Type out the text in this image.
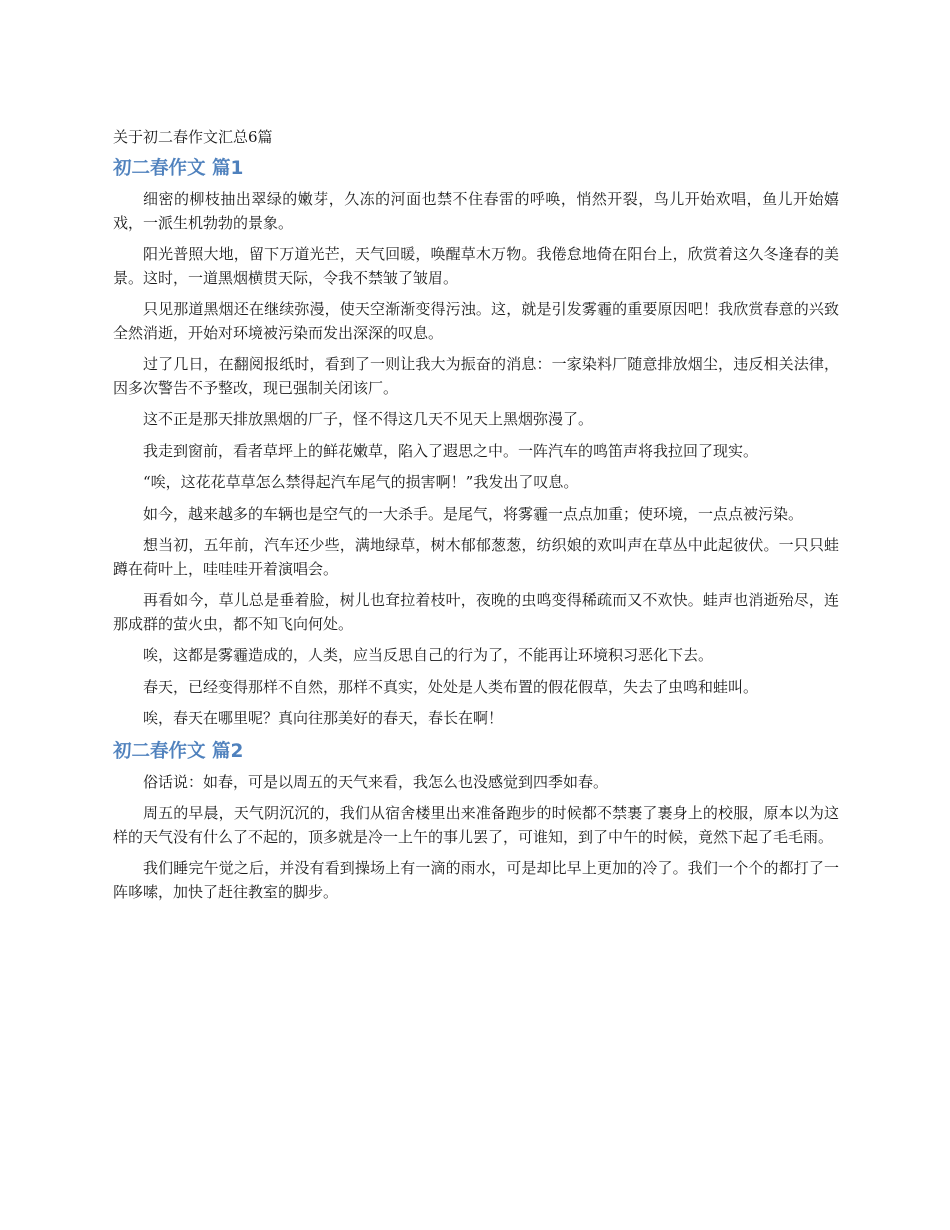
关于初二春作文汇总6篇
初二春作文 篇1

细密的柳枝抽出翠绿的嫩芽，久冻的河面也禁不住春雷的呼唤，悄然开裂，鸟儿开始欢唱，鱼儿开始嬉戏，一派生机勃勃的景象。

阳光普照大地，留下万道光芒，天气回暖，唤醒草木万物。我倦怠地倚在阳台上，欣赏着这久冬逢春的美景。这时，一道黑烟横贯天际，令我不禁皱了皱眉。

只见那道黑烟还在继续弥漫，使天空渐渐变得污浊。这，就是引发雾霾的重要原因吧！我欣赏春意的兴致全然消逝，开始对环境被污染而发出深深的叹息。

过了几日，在翻阅报纸时，看到了一则让我大为振奋的消息：一家染料厂随意排放烟尘，违反相关法律，因多次警告不予整改，现已强制关闭该厂。

这不正是那天排放黑烟的厂子，怪不得这几天不见天上黑烟弥漫了。

我走到窗前，看者草坪上的鲜花嫩草，陷入了遐思之中。一阵汽车的鸣笛声将我拉回了现实。

“唉，这花花草草怎么禁得起汽车尾气的损害啊！”我发出了叹息。

如今，越来越多的车辆也是空气的一大杀手。是尾气，将雾霾一点点加重；使环境，一点点被污染。

想当初，五年前，汽车还少些，满地绿草，树木郁郁葱葱，纺织娘的欢叫声在草丛中此起彼伏。一只只蛙蹲在荷叶上，哇哇哇开着演唱会。

再看如今，草儿总是垂着脸，树儿也耷拉着枝叶，夜晚的虫鸣变得稀疏而又不欢快。蛙声也消逝殆尽，连那成群的萤火虫，都不知飞向何处。

唉，这都是雾霾造成的，人类，应当反思自己的行为了，不能再让环境积习恶化下去。

春天，已经变得那样不自然，那样不真实，处处是人类布置的假花假草，失去了虫鸣和蛙叫。

唉，春天在哪里呢？真向往那美好的春天，春长在啊！

初二春作文 篇2

俗话说：如春，可是以周五的天气来看，我怎么也没感觉到四季如春。

周五的早晨，天气阴沉沉的，我们从宿舍楼里出来准备跑步的时候都不禁裹了裹身上的校服，原本以为这样的天气没有什么了不起的，顶多就是冷一上午的事儿罢了，可谁知，到了中午的时候，竟然下起了毛毛雨。

我们睡完午觉之后，并没有看到操场上有一滴的雨水，可是却比早上更加的冷了。我们一个个的都打了一阵哆嗦，加快了赶往教室的脚步。
